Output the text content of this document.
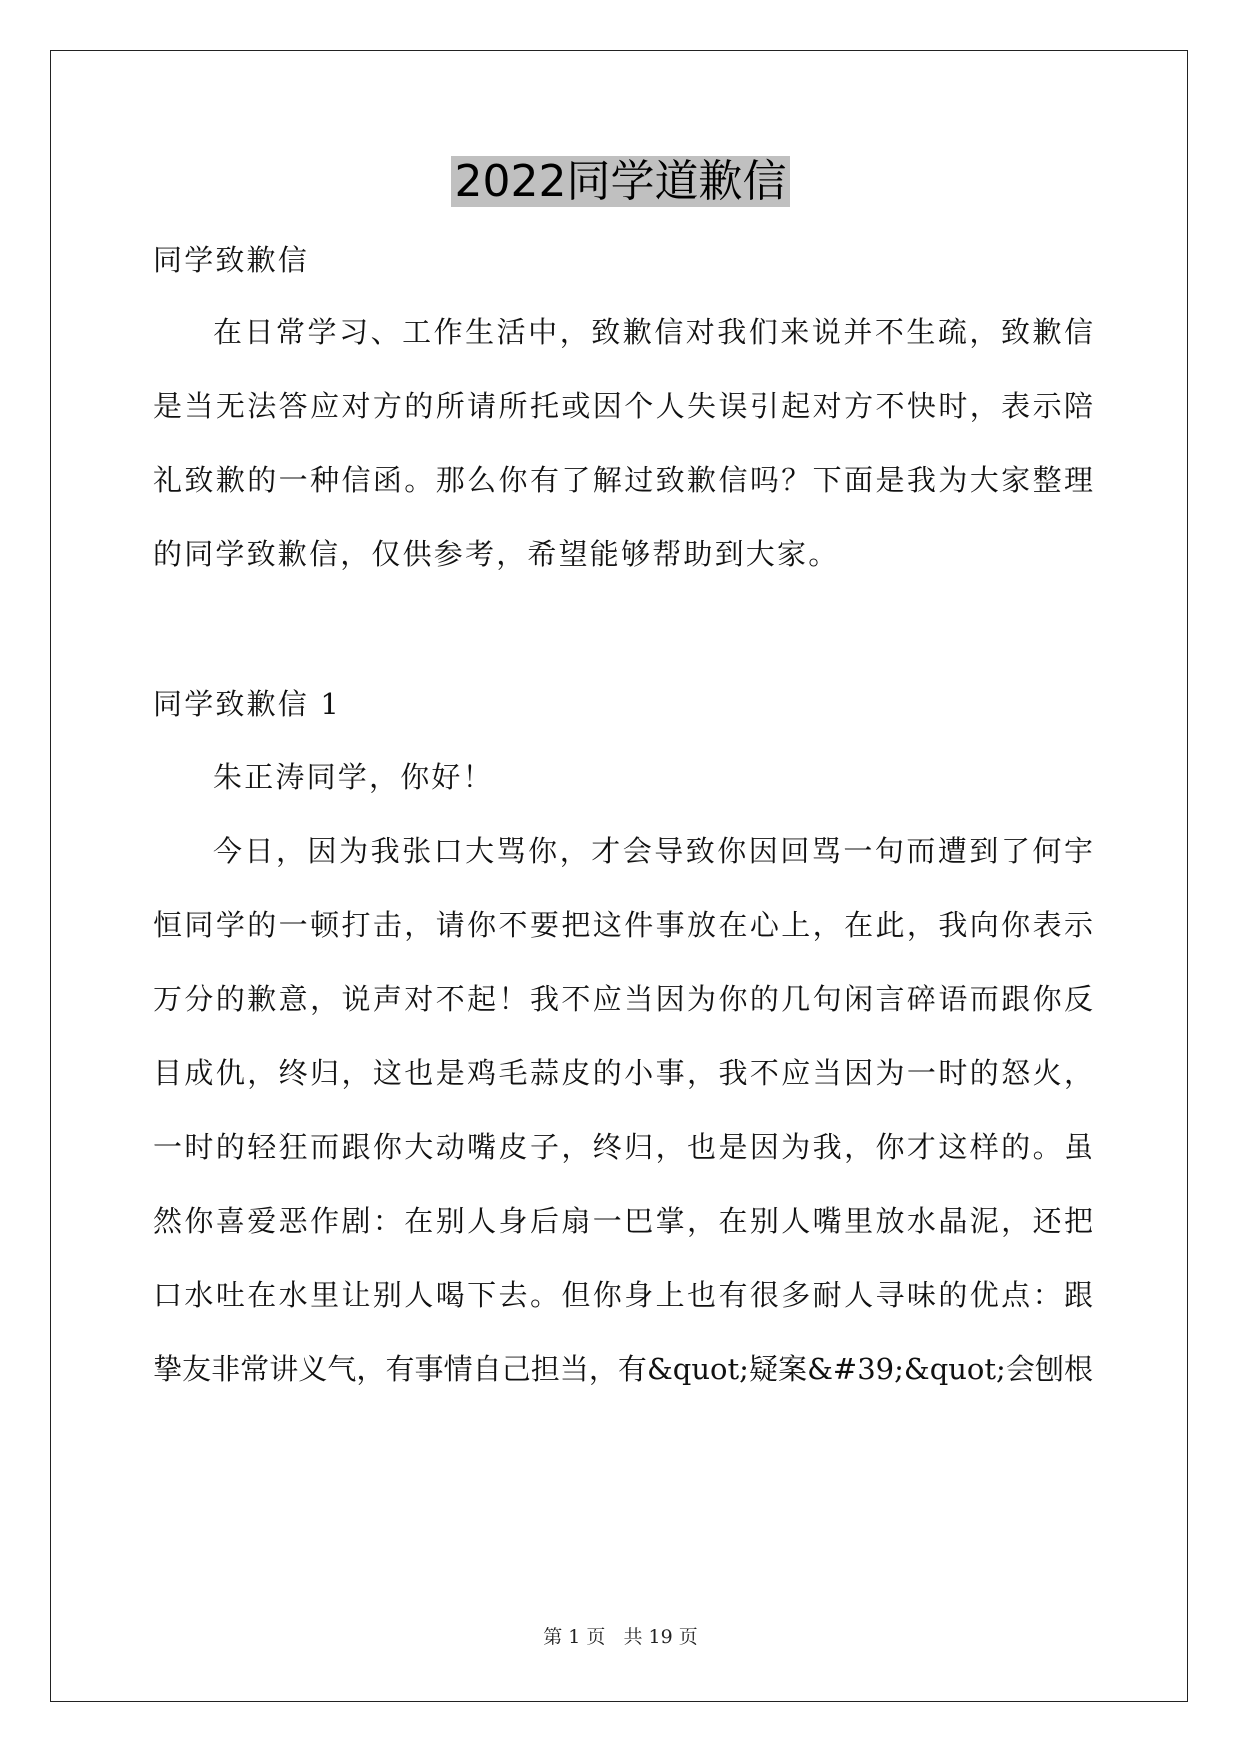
2022同学道歉信
同学致歉信
在日常学习、工作生活中，致歉信对我们来说并不生疏，致歉信
是当无法答应对方的所请所托或因个人失误引起对方不快时，表示陪
礼致歉的一种信函。那么你有了解过致歉信吗？下面是我为大家整理
的同学致歉信，仅供参考，希望能够帮助到大家。
同学致歉信 1
朱正涛同学，你好！
今日，因为我张口大骂你，才会导致你因回骂一句而遭到了何宇
恒同学的一顿打击，请你不要把这件事放在心上，在此，我向你表示
万分的歉意，说声对不起！我不应当因为你的几句闲言碎语而跟你反
目成仇，终归，这也是鸡毛蒜皮的小事，我不应当因为一时的怒火，
一时的轻狂而跟你大动嘴皮子，终归，也是因为我，你才这样的。虽
然你喜爱恶作剧：在别人身后扇一巴掌，在别人嘴里放水晶泥，还把
口水吐在水里让别人喝下去。但你身上也有很多耐人寻味的优点：跟
挚友非常讲义气，有事情自己担当，有&quot;疑案&#39;&quot;会刨根
第 1 页   共 19 页
